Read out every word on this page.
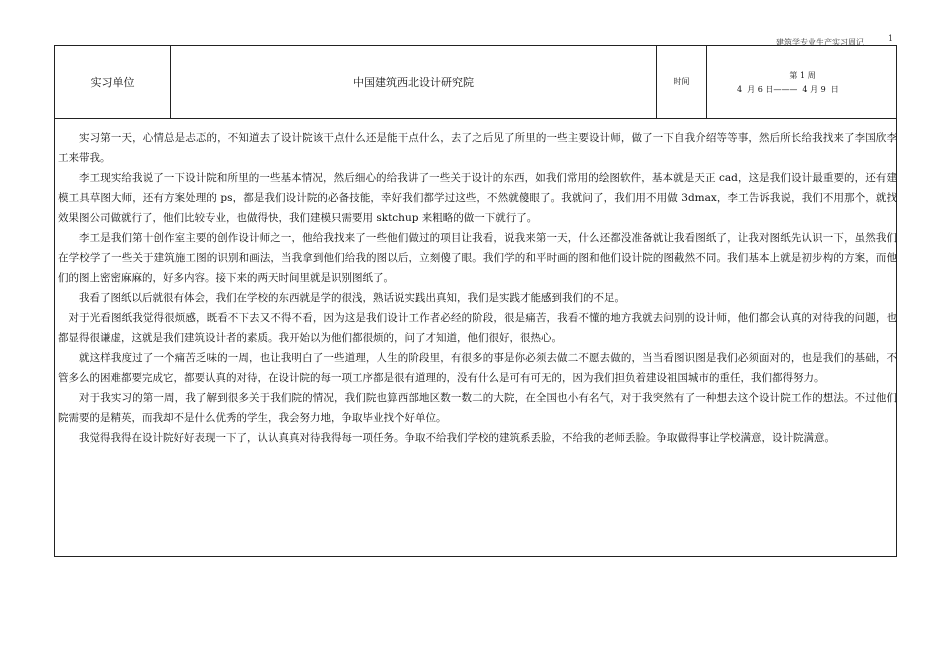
建筑学专业生产实习周记	1
实习单位	中国建筑西北设计研究院	时间
第 1 周
4  月 6 日———  4 月 9  日

实习第一天，心情总是忐忑的，不知道去了设计院该干点什么还是能干点什么，去了之后见了所里的一些主要设计师，做了一下自我介绍等等事，然后所长给我找来了李国欣李工来带我。

李工现实给我说了一下设计院和所里的一些基本情况，然后细心的给我讲了一些关于设计的东西，如我们常用的绘图软件，基本就是天正 cad，这是我们设计最重要的，还有建模工具草图大师，还有方案处理的 ps，都是我们设计院的必备技能，幸好我们都学过这些，不然就傻眼了。我就问了，我们用不用做 3dmax，李工告诉我说，我们不用那个，就找效果图公司做就行了，他们比较专业，也做得快，我们建模只需要用 sktchup 来粗略的做一下就行了。

李工是我们第十创作室主要的创作设计师之一，他给我找来了一些他们做过的项目让我看，说我来第一天，什么还都没准备就让我看图纸了，让我对图纸先认识一下，虽然我们在学校学了一些关于建筑施工图的识别和画法，当我拿到他们给我的图以后，立刻傻了眼。我们学的和平时画的图和他们设计院的图截然不同。我们基本上就是初步构的方案，而他们的图上密密麻麻的，好多内容。接下来的两天时间里就是识别图纸了。

我看了图纸以后就很有体会，我们在学校的东西就是学的很浅，熟话说实践出真知，我们是实践才能感到我们的不足。

对于光看图纸我觉得很烦感，既看不下去又不得不看，因为这是我们设计工作者必经的阶段，很是痛苦，我看不懂的地方我就去问别的设计师，他们都会认真的对待我的问题，也都显得很谦虚，这就是我们建筑设计者的素质。我开始以为他们都很烦的，问了才知道，他们很好，很热心。

就这样我度过了一个痛苦乏味的一周，也让我明白了一些道理，人生的阶段里，有很多的事是你必须去做二不愿去做的，当当看图识图是我们必须面对的，也是我们的基础，不管多么的困难都要完成它，都要认真的对待，在设计院的每一项工序都是很有道理的，没有什么是可有可无的，因为我们担负着建设祖国城市的重任，我们都得努力。

对于我实习的第一周，我了解到很多关于我们院的情况，我们院也算西部地区数一数二的大院，在全国也小有名气，对于我突然有了一种想去这个设计院工作的想法。不过他们院需要的是精英，而我却不是什么优秀的学生，我会努力地，争取毕业找个好单位。

我觉得我得在设计院好好表现一下了，认认真真对待我得每一项任务。争取不给我们学校的建筑系丢脸，不给我的老师丢脸。争取做得事让学校满意，设计院满意。
